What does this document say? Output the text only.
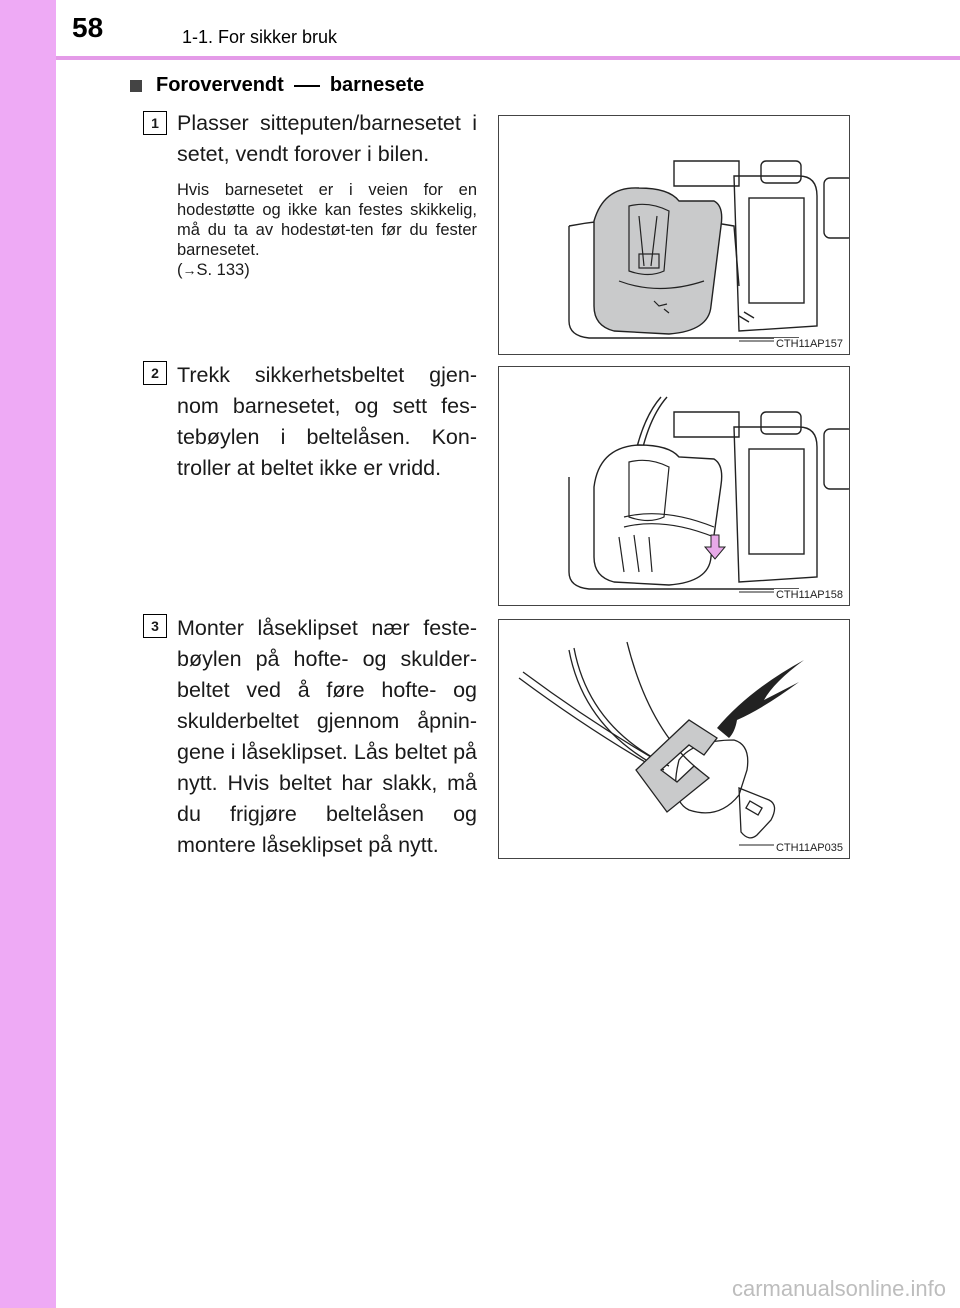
58	1-1. For sikker bruk
Forovervendt barnesete
1 Plasser sitteputen/barnesetet i setet, vendt forover i bilen.
Hvis barnesetet er i veien for en hodestøtte og ikke kan festes skikkelig, må du ta av hodestøt-ten før du fester barnesetet.
(→S. 133)
CTH11AP157
2 Trekk sikkerhetsbeltet gjen-nom barnesetet, og sett fes-tebøylen i beltelåsen. Kon-troller at beltet ikke er vridd.
CTH11AP158
3 Monter låseklipset nær feste-bøylen på hofte- og skulder-beltet ved å føre hofte- og skulderbeltet gjennom åpnin-gene i låseklipset. Lås beltet på nytt. Hvis beltet har slakk, må du frigjøre beltelåsen og montere låseklipset på nytt.	CTH11AP035
carmanualsonline.info
